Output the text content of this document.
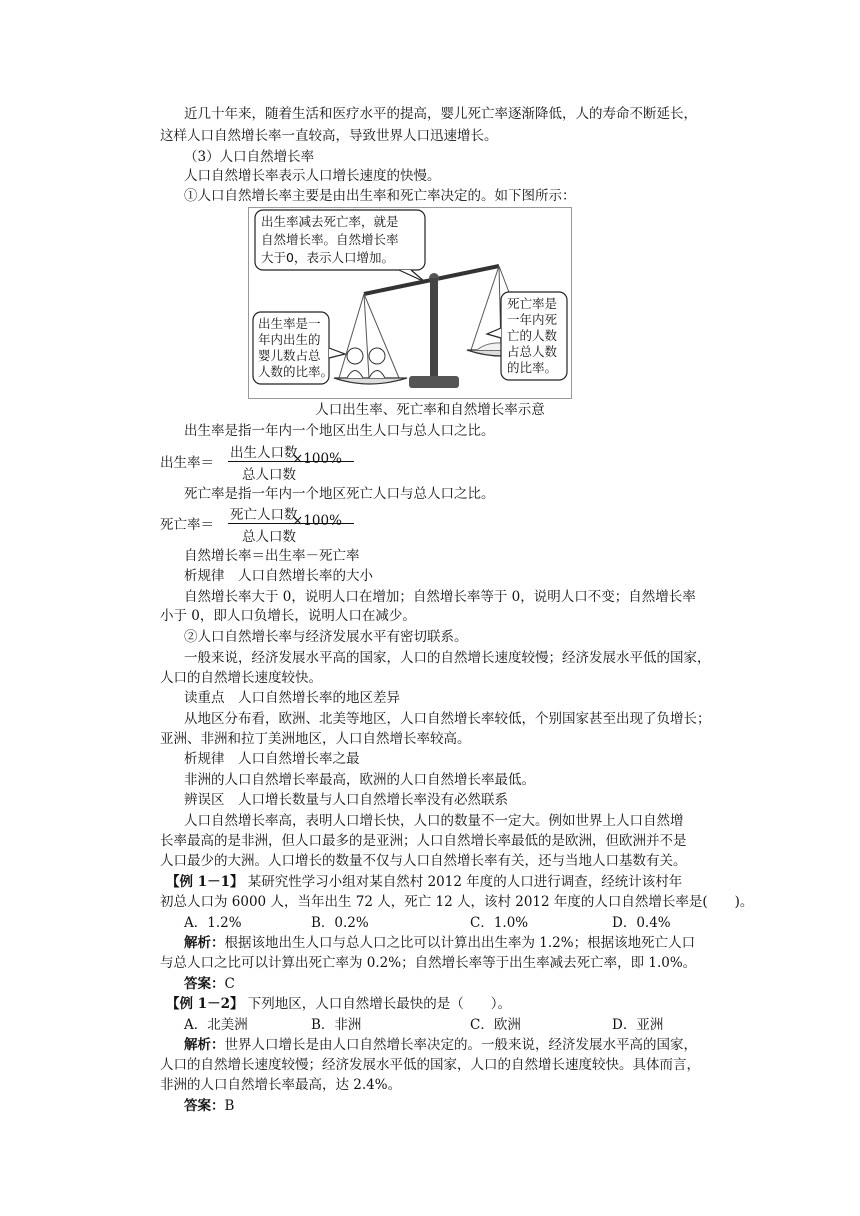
近几十年来，随着生活和医疗水平的提高，婴儿死亡率逐渐降低，人的寿命不断延长，
这样人口自然增长率一直较高，导致世界人口迅速增长。
（3）人口自然增长率
人口自然增长率表示人口增长速度的快慢。
①人口自然增长率主要是由出生率和死亡率决定的。如下图所示：
出生率减去死亡率，就是
自然增长率。自然增长率
大于0，表示人口增加。
出生率是一
年内出生的
婴儿数占总
人数的比率。
死亡率是
一年内死
亡的人数
占总人数
的比率。
人口出生率、死亡率和自然增长率示意
出生率是指一年内一个地区出生人口与总人口之比。
出生率＝
出生人口数
总人口数
×100%
死亡率是指一年内一个地区死亡人口与总人口之比。
死亡率＝
死亡人口数
总人口数
×100%
自然增长率＝出生率－死亡率
析规律　人口自然增长率的大小
自然增长率大于 0，说明人口在增加；自然增长率等于 0，说明人口不变；自然增长率
小于 0，即人口负增长，说明人口在减少。
②人口自然增长率与经济发展水平有密切联系。
一般来说，经济发展水平高的国家，人口的自然增长速度较慢；经济发展水平低的国家，
人口的自然增长速度较快。
读重点　人口自然增长率的地区差异
从地区分布看，欧洲、北美等地区，人口自然增长率较低，个别国家甚至出现了负增长；
亚洲、非洲和拉丁美洲地区，人口自然增长率较高。
析规律　人口自然增长率之最
非洲的人口自然增长率最高，欧洲的人口自然增长率最低。
辨误区　人口增长数量与人口自然增长率没有必然联系
人口自然增长率高，表明人口增长快，人口的数量不一定大。例如世界上人口自然增
长率最高的是非洲，但人口最多的是亚洲；人口自然增长率最低的是欧洲，但欧洲并不是
人口最少的大洲。人口增长的数量不仅与人口自然增长率有关，还与当地人口基数有关。
【例 1－1】 某研究性学习小组对某自然村 2012 年度的人口进行调查，经统计该村年
初总人口为 6000 人，当年出生 72 人，死亡 12 人，该村 2012 年度的人口自然增长率是(　　)。
A．1.2%	B．0.2%	C．1.0%	D．0.4%
解析：根据该地出生人口与总人口之比可以计算出出生率为 1.2%；根据该地死亡人口
与总人口之比可以计算出死亡率为 0.2%；自然增长率等于出生率减去死亡率，即 1.0%。
答案：C
【例 1－2】 下列地区，人口自然增长最快的是（　　）。
A．北美洲	B．非洲	C．欧洲	D．亚洲
解析：世界人口增长是由人口自然增长率决定的。一般来说，经济发展水平高的国家，
人口的自然增长速度较慢；经济发展水平低的国家，人口的自然增长速度较快。具体而言，
非洲的人口自然增长率最高，达 2.4%。
答案：B
